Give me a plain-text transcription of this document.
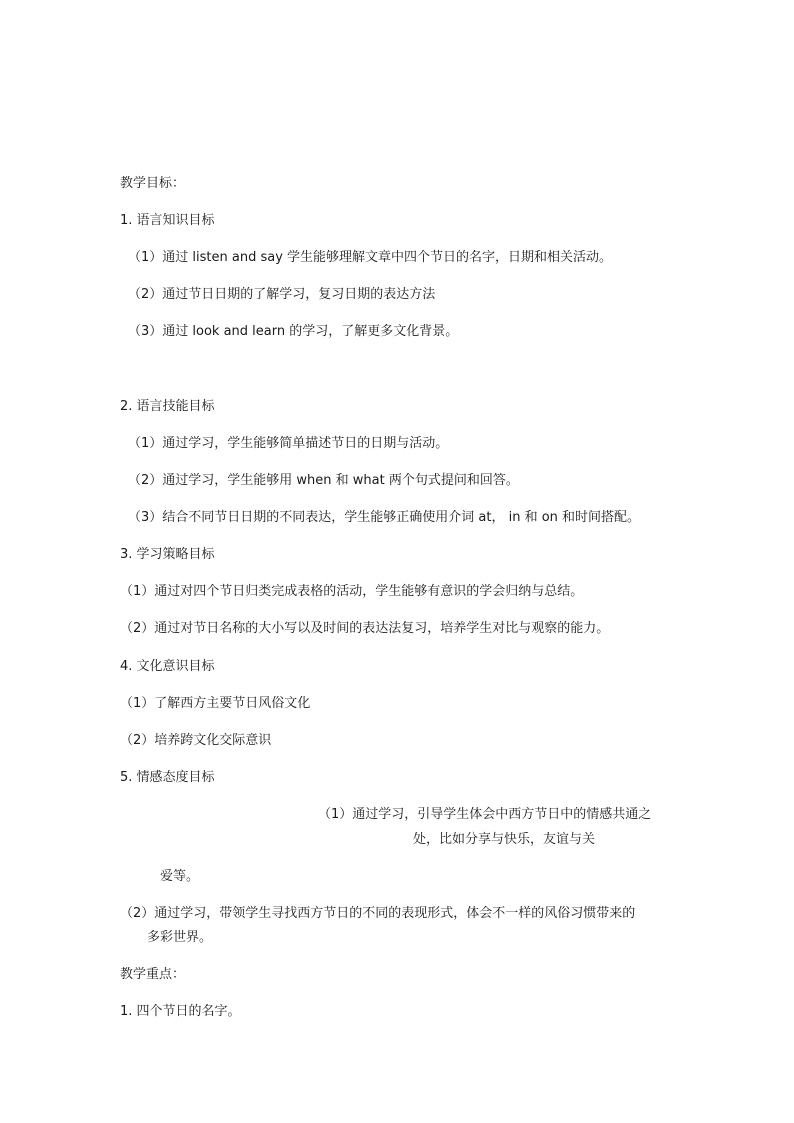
教学目标：
1. 语言知识目标
（1）通过 listen and say 学生能够理解文章中四个节日的名字，日期和相关活动。
（2）通过节日日期的了解学习，复习日期的表达方法
（3）通过 look and learn 的学习，了解更多文化背景。
2. 语言技能目标
（1）通过学习，学生能够简单描述节日的日期与活动。
（2）通过学习，学生能够用 when 和 what 两个句式提问和回答。
（3）结合不同节日日期的不同表达，学生能够正确使用介词 at， in 和 on 和时间搭配。
3. 学习策略目标
（1）通过对四个节日归类完成表格的活动，学生能够有意识的学会归纳与总结。
（2）通过对节日名称的大小写以及时间的表达法复习，培养学生对比与观察的能力。
4. 文化意识目标
（1）了解西方主要节日风俗文化
（2）培养跨文化交际意识
5. 情感态度目标
（1）通过学习，引导学生体会中西方节日中的情感共通之
处，比如分享与快乐，友谊与关
爱等。
（2）通过学习，带领学生寻找西方节日的不同的表现形式，体会不一样的风俗习惯带来的
多彩世界。
教学重点：
1. 四个节日的名字。
